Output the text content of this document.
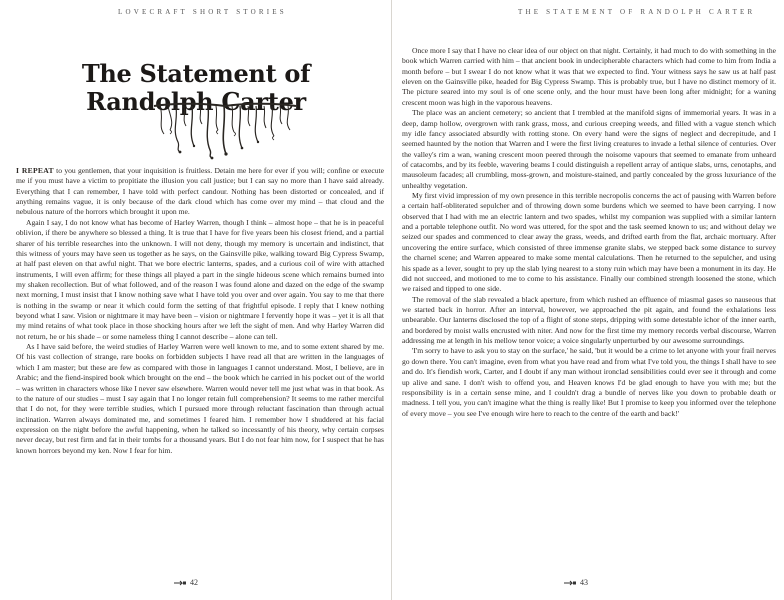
LOVECRAFT SHORT STORIES
The Statement of
Randolph Carter

I REPEAT to you gentlemen, that your inquisition is fruitless. Detain me here for ever if you will; confine or execute me if you must have a victim to propitiate the illusion you call justice; but I can say no more than I have said already. Everything that I can remember, I have told with perfect candour. Nothing has been distorted or concealed, and if anything remains vague, it is only because of the dark cloud which has come over my mind – that cloud and the nebulous nature of the horrors which brought it upon me.

Again I say, I do not know what has become of Harley Warren, though I think – almost hope – that he is in peaceful oblivion, if there be anywhere so blessed a thing. It is true that I have for five years been his closest friend, and a partial sharer of his terrible researches into the unknown. I will not deny, though my memory is uncertain and indistinct, that this witness of yours may have seen us together as he says, on the Gainsville pike, walking toward Big Cypress Swamp, at half past eleven on that awful night. That we bore electric lanterns, spades, and a curious coil of wire with attached instruments, I will even affirm; for these things all played a part in the single hideous scene which remains burned into my shaken recollection. But of what followed, and of the reason I was found alone and dazed on the edge of the swamp next morning, I must insist that I know nothing save what I have told you over and over again. You say to me that there is nothing in the swamp or near it which could form the setting of that frightful episode. I reply that I knew nothing beyond what I saw. Vision or nightmare it may have been – vision or nightmare I fervently hope it was – yet it is all that my mind retains of what took place in those shocking hours after we left the sight of men. And why Harley Warren did not return, he or his shade – or some nameless thing I cannot describe – alone can tell.

As I have said before, the weird studies of Harley Warren were well known to me, and to some extent shared by me. Of his vast collection of strange, rare books on forbidden subjects I have read all that are written in the languages of which I am master; but these are few as compared with those in languages I cannot understand. Most, I believe, are in Arabic; and the fiend-inspired book which brought on the end – the book which he carried in his pocket out of the world – was written in characters whose like I never saw elsewhere. Warren would never tell me just what was in that book. As to the nature of our studies – must I say again that I no longer retain full comprehension? It seems to me rather merciful that I do not, for they were terrible studies, which I pursued more through reluctant fascination than through actual inclination. Warren always dominated me, and sometimes I feared him. I remember how I shuddered at his facial expression on the night before the awful happening, when he talked so incessantly of his theory, why certain corpses never decay, but rest firm and fat in their tombs for a thousand years. But I do not fear him now, for I suspect that he has known horrors beyond my ken. Now I fear for him.

42
THE STATEMENT OF RANDOLPH CARTER

Once more I say that I have no clear idea of our object on that night. Certainly, it had much to do with something in the book which Warren carried with him – that ancient book in undecipherable characters which had come to him from India a month before – but I swear I do not know what it was that we expected to find. Your witness says he saw us at half past eleven on the Gainsville pike, headed for Big Cypress Swamp. This is probably true, but I have no distinct memory of it. The picture seared into my soul is of one scene only, and the hour must have been long after midnight; for a waning crescent moon was high in the vaporous heavens.

The place was an ancient cemetery; so ancient that I trembled at the manifold signs of immemorial years. It was in a deep, damp hollow, overgrown with rank grass, moss, and curious creeping weeds, and filled with a vague stench which my idle fancy associated absurdly with rotting stone. On every hand were the signs of neglect and decrepitude, and I seemed haunted by the notion that Warren and I were the first living creatures to invade a lethal silence of centuries. Over the valley's rim a wan, waning crescent moon peered through the noisome vapours that seemed to emanate from unheard of catacombs, and by its feeble, wavering beams I could distinguish a repellent array of antique slabs, urns, cenotaphs, and mausoleum facades; all crumbling, moss-grown, and moisture-stained, and partly concealed by the gross luxuriance of the unhealthy vegetation.

My first vivid impression of my own presence in this terrible necropolis concerns the act of pausing with Warren before a certain half-obliterated sepulcher and of throwing down some burdens which we seemed to have been carrying. I now observed that I had with me an electric lantern and two spades, whilst my companion was supplied with a similar lantern and a portable telephone outfit. No word was uttered, for the spot and the task seemed known to us; and without delay we seized our spades and commenced to clear away the grass, weeds, and drifted earth from the flat, archaic mortuary. After uncovering the entire surface, which consisted of three immense granite slabs, we stepped back some distance to survey the charnel scene; and Warren appeared to make some mental calculations. Then he returned to the sepulcher, and using his spade as a lever, sought to pry up the slab lying nearest to a stony ruin which may have been a monument in its day. He did not succeed, and motioned to me to come to his assistance. Finally our combined strength loosened the stone, which we raised and tipped to one side.

The removal of the slab revealed a black aperture, from which rushed an effluence of miasmal gases so nauseous that we started back in horror. After an interval, however, we approached the pit again, and found the exhalations less unbearable. Our lanterns disclosed the top of a flight of stone steps, dripping with some detestable ichor of the inner earth, and bordered by moist walls encrusted with niter. And now for the first time my memory records verbal discourse, Warren addressing me at length in his mellow tenor voice; a voice singularly unperturbed by our awesome surroundings.

'I'm sorry to have to ask you to stay on the surface,' he said, 'but it would be a crime to let anyone with your frail nerves go down there. You can't imagine, even from what you have read and from what I've told you, the things I shall have to see and do. It's fiendish work, Carter, and I doubt if any man without ironclad sensibilities could ever see it through and come up alive and sane. I don't wish to offend you, and Heaven knows I'd be glad enough to have you with me; but the responsibility is in a certain sense mine, and I couldn't drag a bundle of nerves like you down to probable death or madness. I tell you, you can't imagine what the thing is really like! But I promise to keep you informed over the telephone of every move – you see I've enough wire here to reach to the centre of the earth and back!'

43
